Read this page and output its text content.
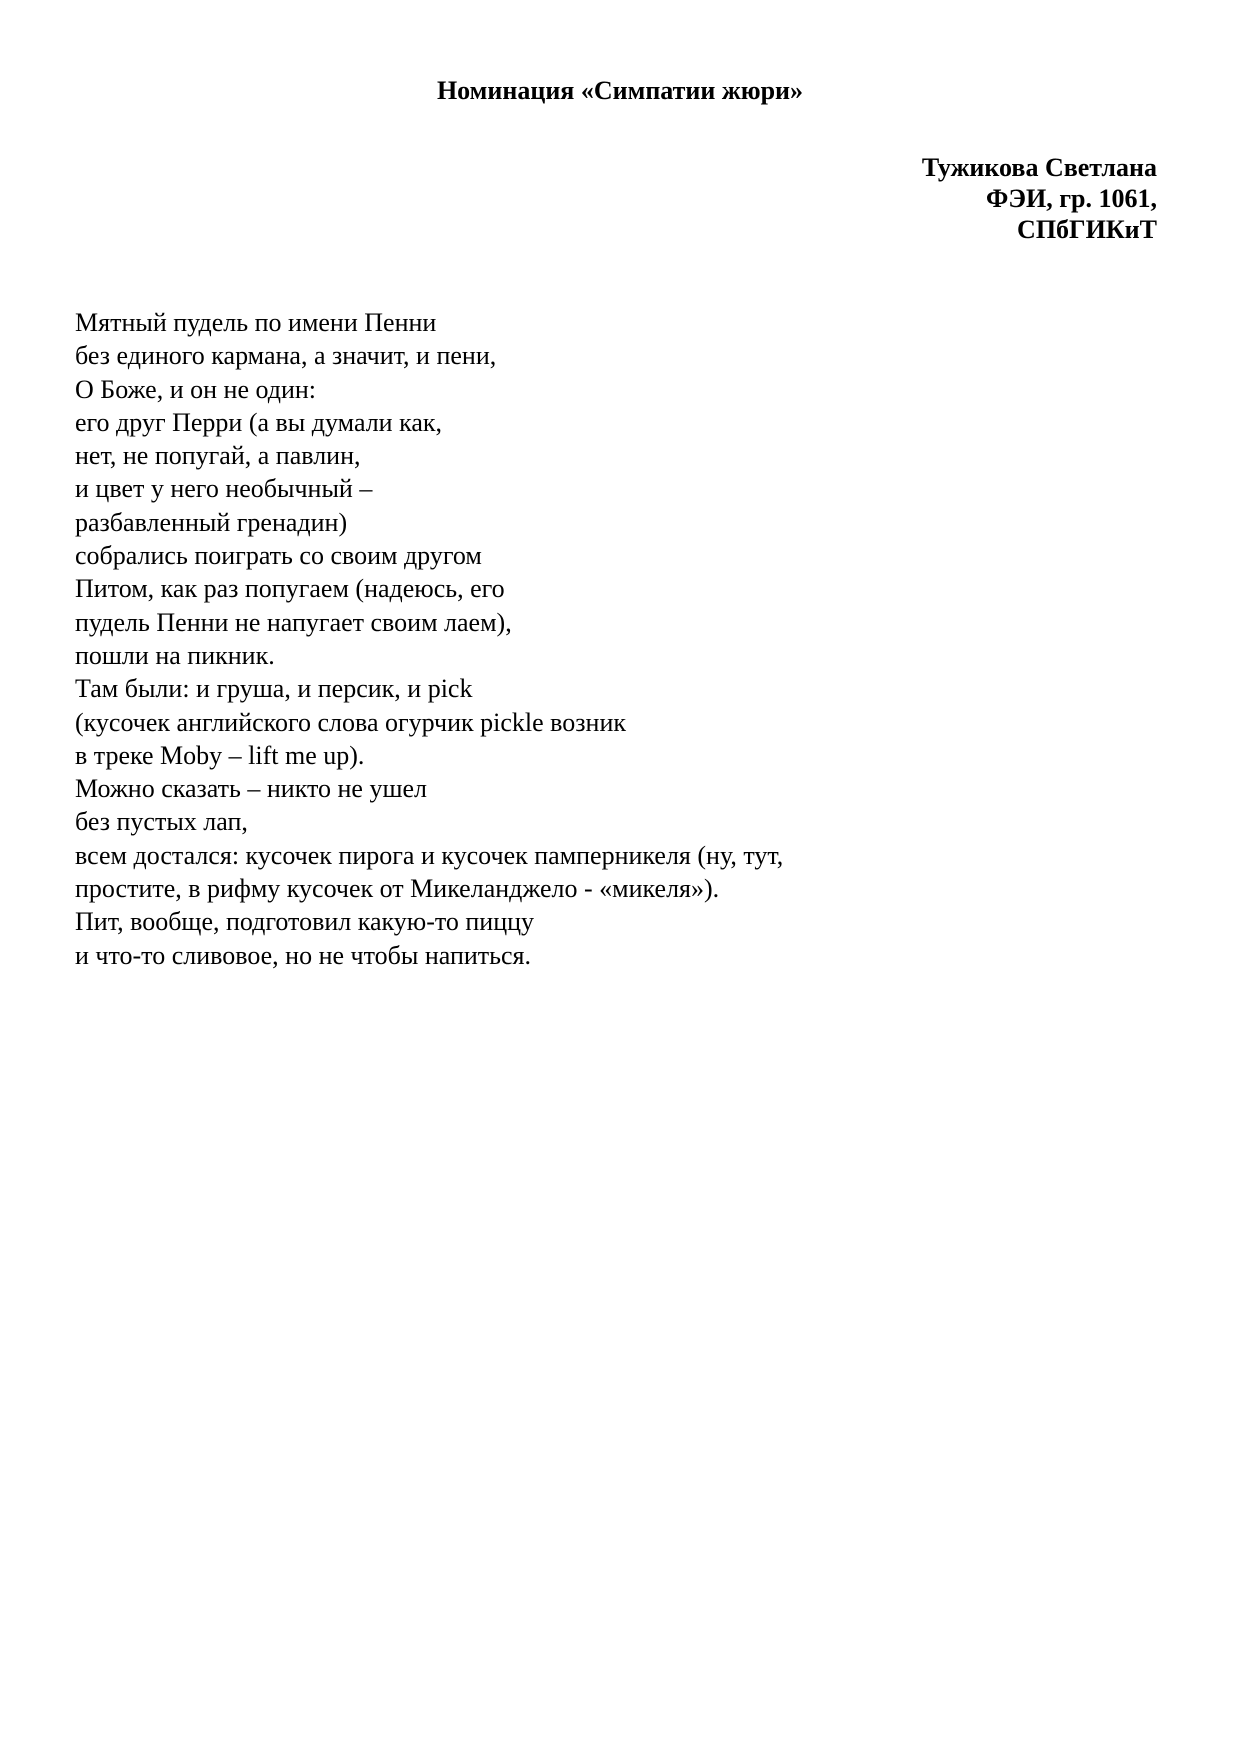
Номинация «Симпатии жюри»
Тужикова Светлана
ФЭИ, гр. 1061,
СПбГИКиТ
Мятный пудель по имени Пенни
без единого кармана, а значит, и пени,
О Боже, и он не один:
его друг Перри (а вы думали как,
нет, не попугай, а павлин,
и цвет у него необычный –
разбавленный гренадин)
собрались поиграть со своим другом
Питом, как раз попугаем (надеюсь, его
пудель Пенни не напугает своим лаем),
пошли на пикник.
Там были: и груша, и персик, и pick
(кусочек английского слова огурчик pickle возник
в треке Moby – lift me up).
Можно сказать – никто не ушел
без пустых лап,
всем достался: кусочек пирога и кусочек памперникеля (ну, тут,
простите, в рифму кусочек от Микеланджело - «микеля»).
Пит, вообще, подготовил какую-то пиццу
и что-то сливовое, но не чтобы напиться.
